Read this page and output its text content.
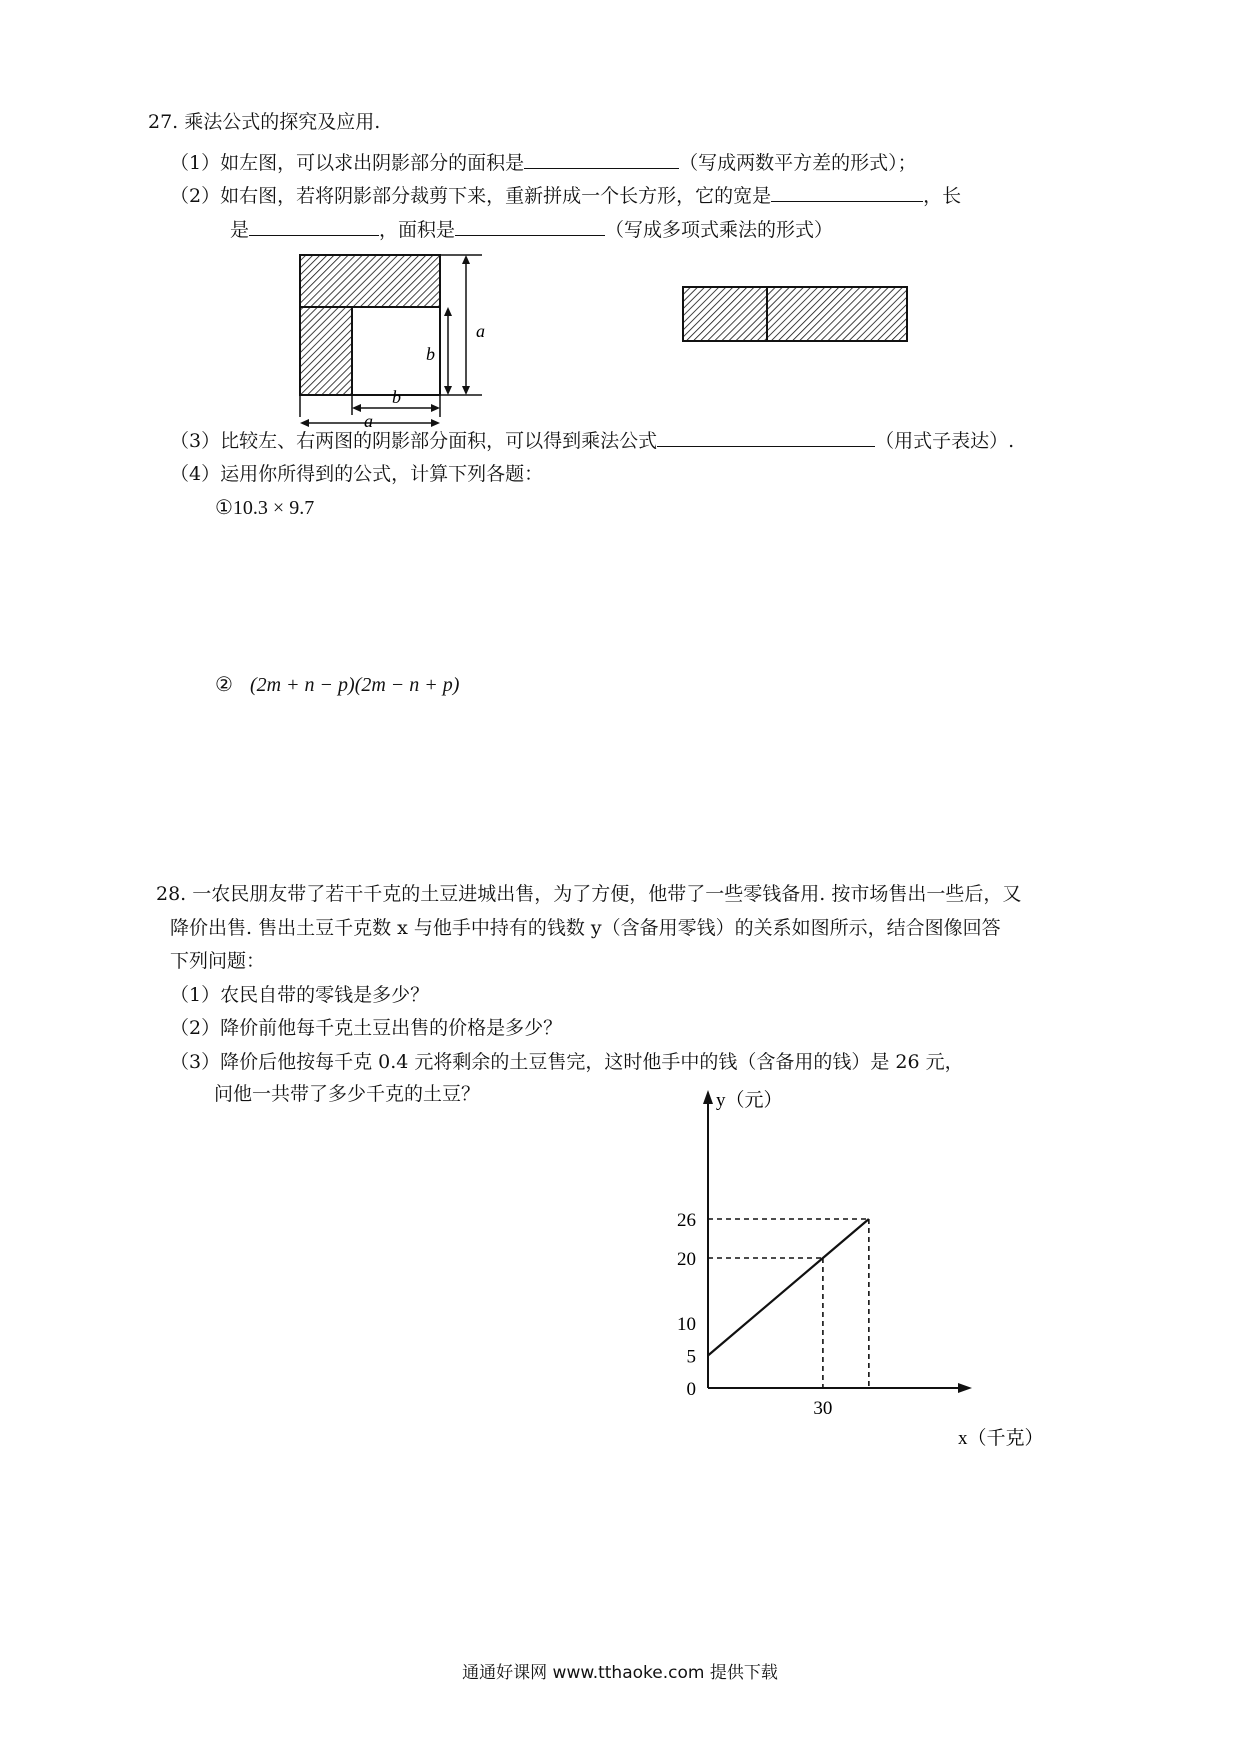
27. 乘法公式的探究及应用.
（1）如左图，可以求出阴影部分的面积是	（写成两数平方差的形式）；
（2）如右图，若将阴影部分裁剪下来，重新拼成一个长方形，它的宽是	，长
是	，面积是	（写成多项式乘法的形式）
a
b
b
a
（3）比较左、右两图的阴影部分面积，可以得到乘法公式	（用式子表达）.
（4）运用你所得到的公式，计算下列各题：
①10.3 × 9.7
② (2m + n − p)(2m − n + p)
28. 一农民朋友带了若干千克的土豆进城出售，为了方便，他带了一些零钱备用. 按市场售出一些后，又
降价出售. 售出土豆千克数 x 与他手中持有的钱数 y（含备用零钱）的关系如图所示，结合图像回答
下列问题：
（1）农民自带的零钱是多少？
（2）降价前他每千克土豆出售的价格是多少？
（3）降价后他按每千克 0.4 元将剩余的土豆售完，这时他手中的钱（含备用的钱）是 26 元，
问他一共带了多少千克的土豆？	y（元）
x（千克）
26
20
10
5
0
30
通通好课网 www.tthaoke.com 提供下载
